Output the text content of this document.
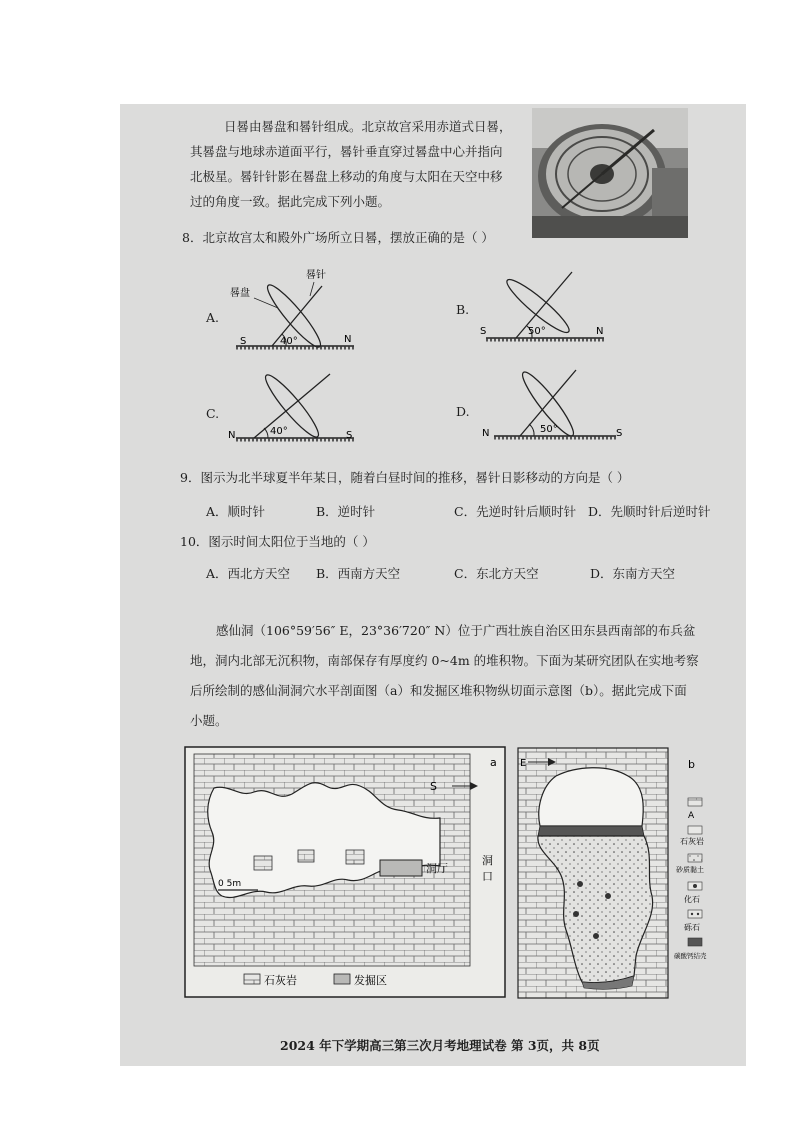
日晷由晷盘和晷针组成。北京故宫采用赤道式日晷，
其晷盘与地球赤道面平行，晷针垂直穿过晷盘中心并指向
北极星。晷针针影在晷盘上移动的角度与太阳在天空中移
过的角度一致。据此完成下列小题。
8．北京故宫太和殿外广场所立日晷，摆放正确的是（ ）
A.
S	N
40°
晷盘
晷针
B.
S	N
50°
C.
N	S
40°
D.
N	S
50°
9．图示为北半球夏半年某日，随着白昼时间的推移，晷针日影移动的方向是（ ）
A．顺时针	B．逆时针	C．先逆时针后顺时针 D．先顺时针后逆时针
10．图示时间太阳位于当地的（ ）
A．西北方天空 B．西南方天空	C．东北方天空	D．东南方天空
感仙洞（106°59′56″ E，23°36′720″ N）位于广西壮族自治区田东县西南部的布兵盆
地，洞内北部无沉积物，南部保存有厚度约 0~4m 的堆积物。下面为某研究团队在实地考察
后所绘制的感仙洞洞穴水平剖面图（a）和发掘区堆积物纵切面示意图（b）。据此完成下面
小题。
S
a
洞厅
洞
口
0 5m
石灰岩	发掘区
E	b
A
石灰岩
砂质黏土
化石
砾石
碳酸钙结壳
2024 年下学期高三第三次月考地理试卷 第 3页，共 8页
